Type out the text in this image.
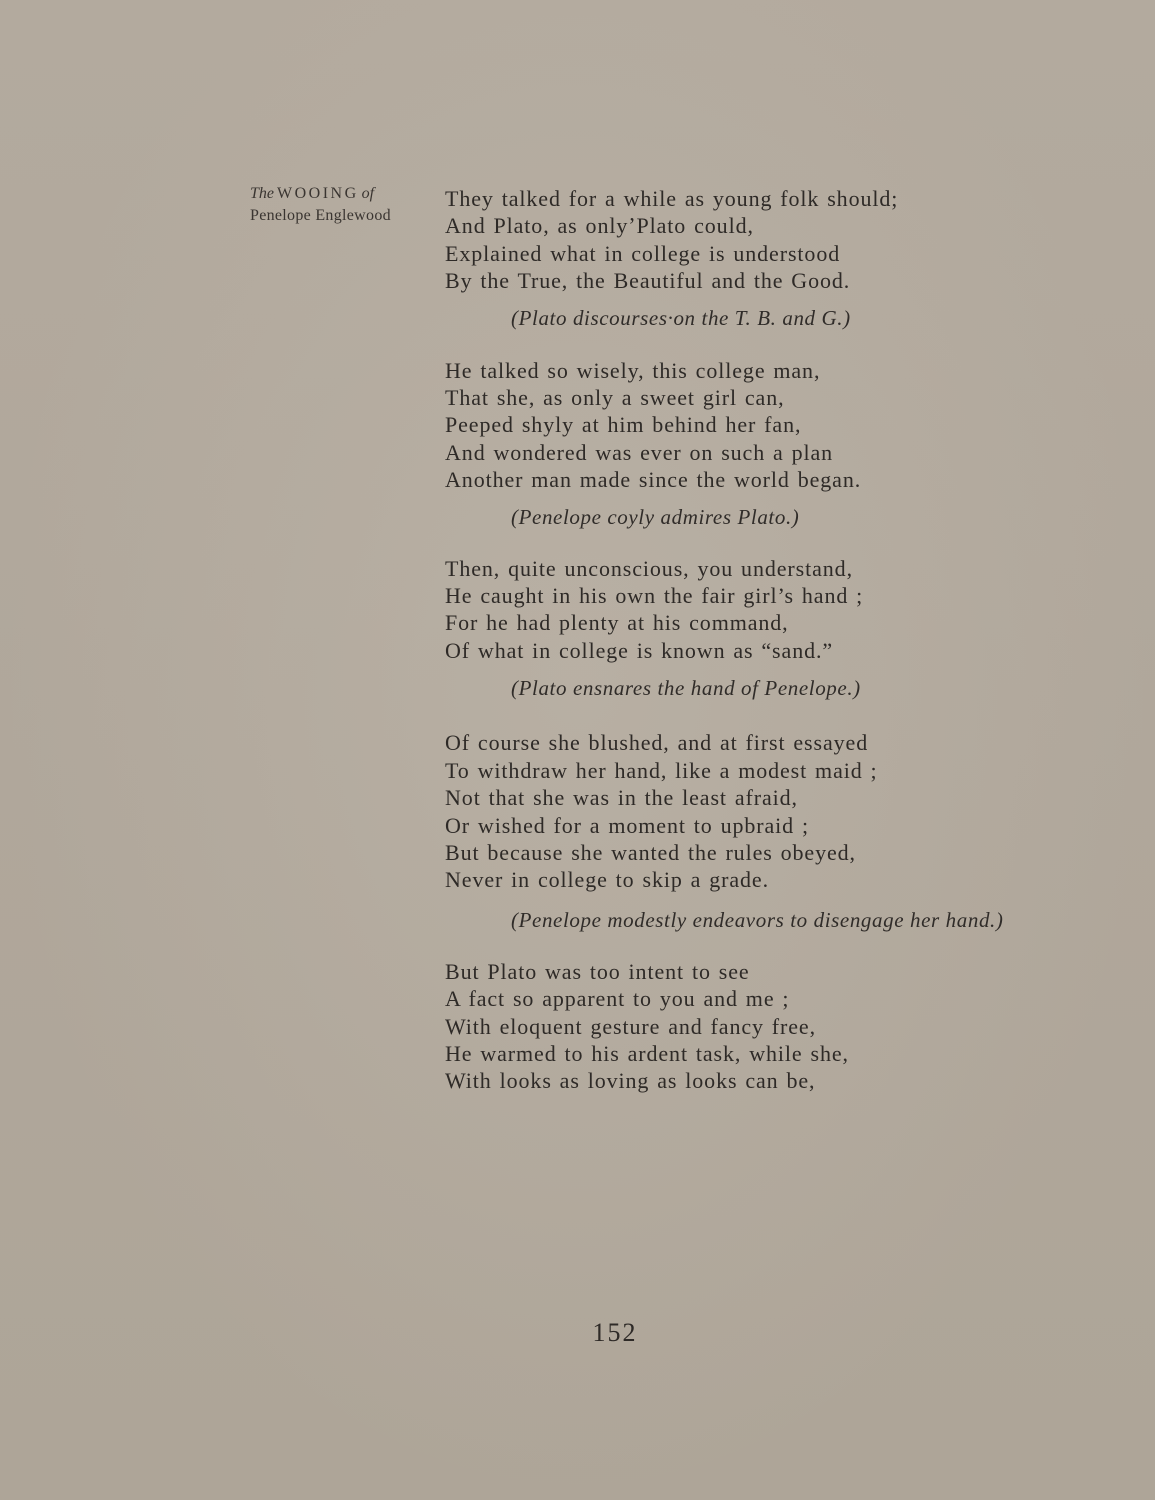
The WOOING of
Penelope Englewood
They talked for a while as young folk should;
And Plato, as onlyʼPlato could,
Explained what in college is understood
By the True, the Beautiful and the Good.
(Plato discourses·on the T. B. and G.)
He talked so wisely, this college man,
That she, as only a sweet girl can,
Peeped shyly at him behind her fan,
And wondered was ever on such a plan
Another man made since the world began.
(Penelope coyly admires Plato.)
Then, quite unconscious, you understand,
He caught in his own the fair girl’s hand ;
For he had plenty at his command,
Of what in college is known as “sand.”
(Plato ensnares the hand of Penelope.)
Of course she blushed, and at first essayed
To withdraw her hand, like a modest maid ;
Not that she was in the least afraid,
Or wished for a moment to upbraid ;
But because she wanted the rules obeyed,
Never in college to skip a grade.
(Penelope modestly endeavors to disengage her hand.)
But Plato was too intent to see
A fact so apparent to you and me ;
With eloquent gesture and fancy free,
He warmed to his ardent task, while she,
With looks as loving as looks can be,
152
